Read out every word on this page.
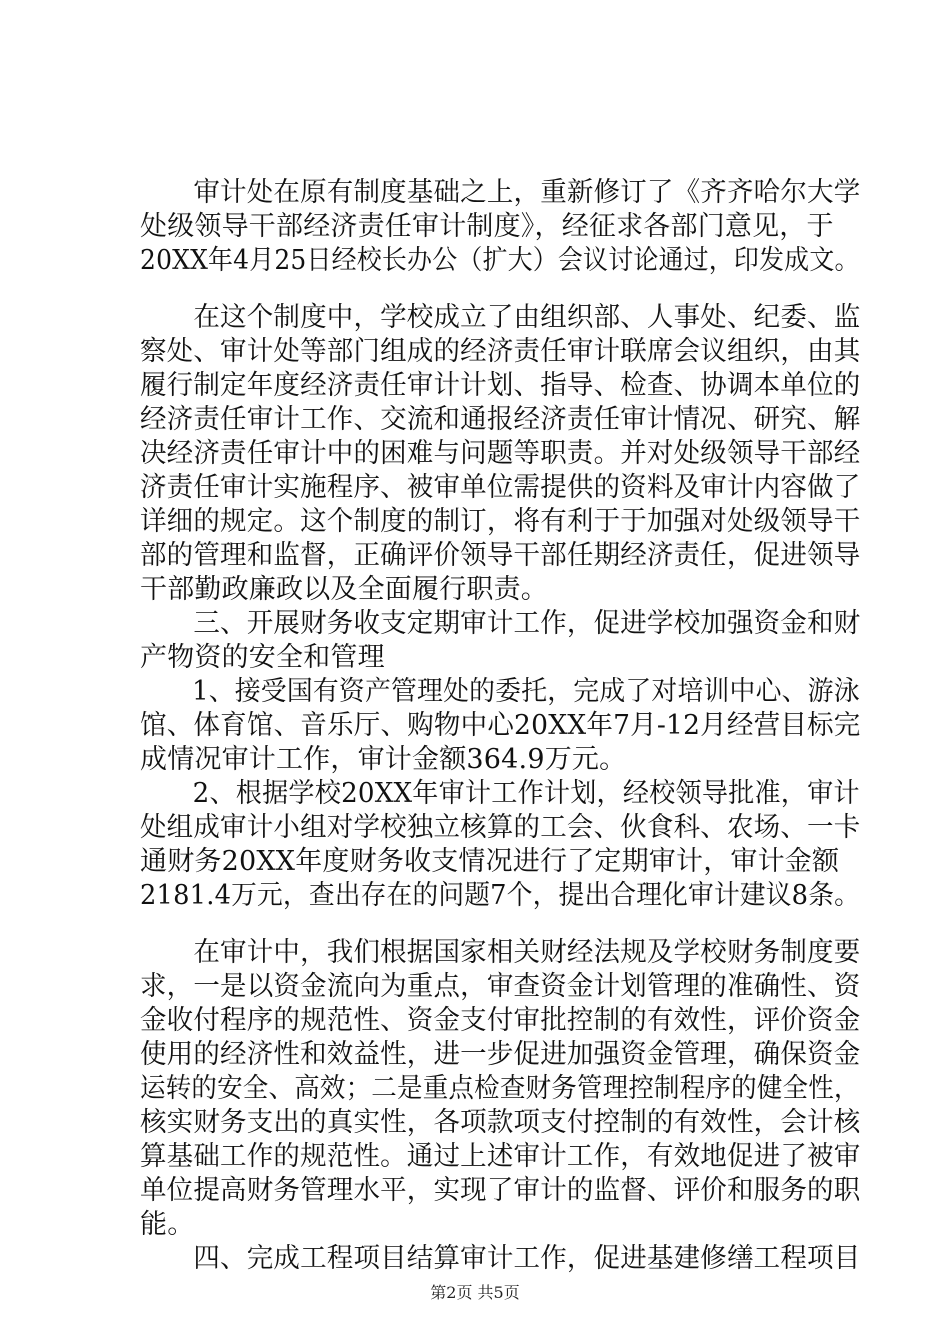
　　审计处在原有制度基础之上，重新修订了《齐齐哈尔大学
处级领导干部经济责任审计制度》，经征求各部门意见，于
20XX年4月25日经校长办公（扩大）会议讨论通过，印发成文。
　　在这个制度中，学校成立了由组织部、人事处、纪委、监
察处、审计处等部门组成的经济责任审计联席会议组织，由其
履行制定年度经济责任审计计划、指导、检查、协调本单位的
经济责任审计工作、交流和通报经济责任审计情况、研究、解
决经济责任审计中的困难与问题等职责。并对处级领导干部经
济责任审计实施程序、被审单位需提供的资料及审计内容做了
详细的规定。这个制度的制订，将有利于于加强对处级领导干
部的管理和监督，正确评价领导干部任期经济责任，促进领导
干部勤政廉政以及全面履行职责。
　　三、开展财务收支定期审计工作，促进学校加强资金和财
产物资的安全和管理
　　1、接受国有资产管理处的委托，完成了对培训中心、游泳
馆、体育馆、音乐厅、购物中心20XX年7月-12月经营目标完
成情况审计工作，审计金额364.9万元。
　　2、根据学校20XX年审计工作计划，经校领导批准，审计
处组成审计小组对学校独立核算的工会、伙食科、农场、一卡
通财务20XX年度财务收支情况进行了定期审计，审计金额
2181.4万元，查出存在的问题7个，提出合理化审计建议8条。
　　在审计中，我们根据国家相关财经法规及学校财务制度要
求，一是以资金流向为重点，审查资金计划管理的准确性、资
金收付程序的规范性、资金支付审批控制的有效性，评价资金
使用的经济性和效益性，进一步促进加强资金管理，确保资金
运转的安全、高效；二是重点检查财务管理控制程序的健全性，
核实财务支出的真实性，各项款项支付控制的有效性，会计核
算基础工作的规范性。通过上述审计工作，有效地促进了被审
单位提高财务管理水平，实现了审计的监督、评价和服务的职
能。
　　四、完成工程项目结算审计工作，促进基建修缮工程项目
第2页 共5页
